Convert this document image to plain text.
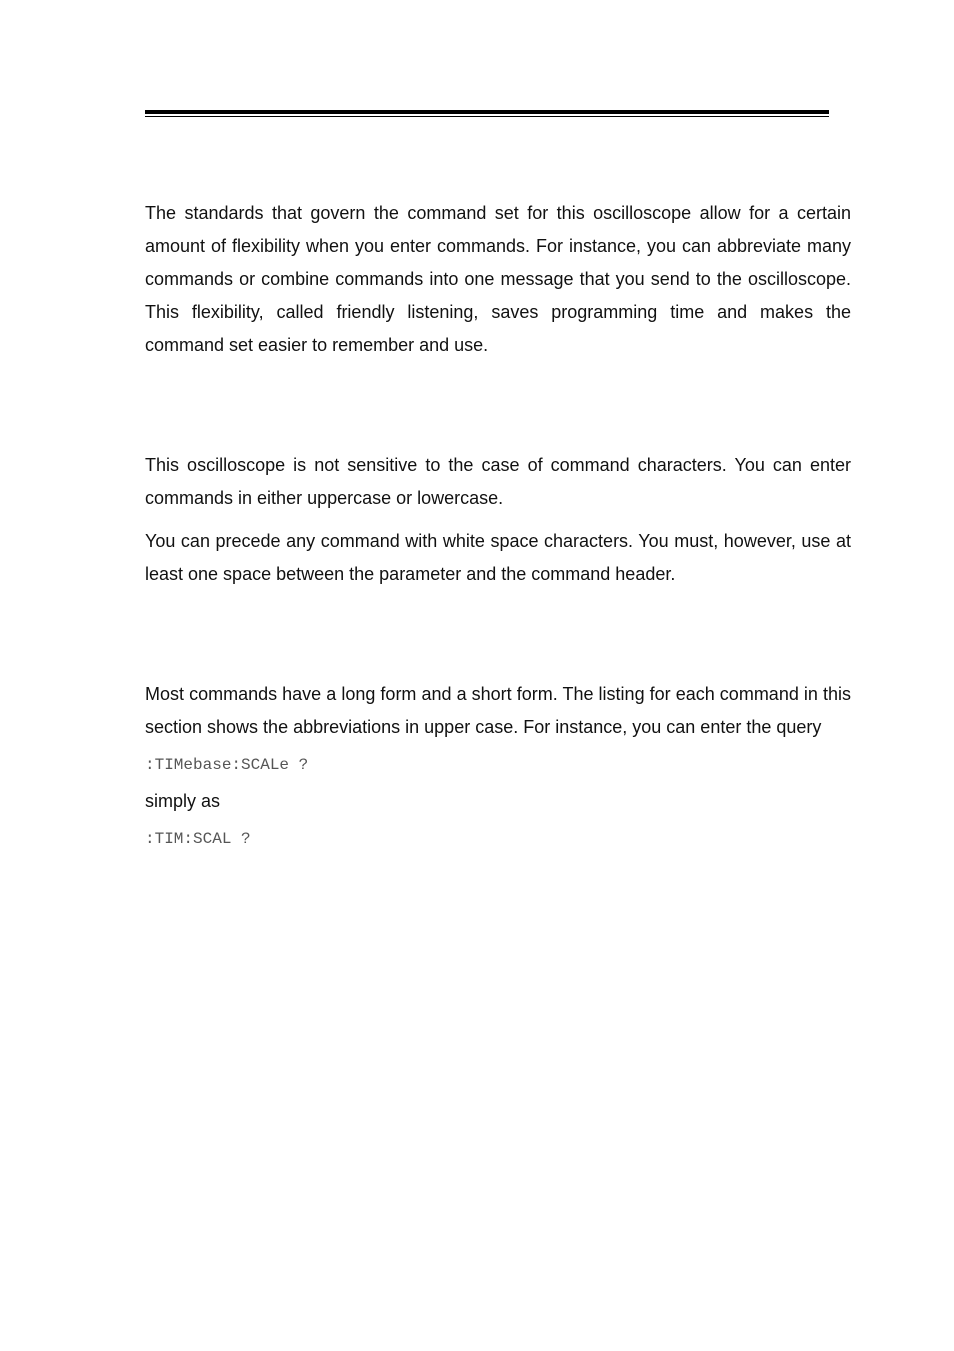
The standards that govern the command set for this oscilloscope allow for a certain amount of flexibility when you enter commands. For instance, you can abbreviate many commands or combine commands into one message that you send to the oscilloscope. This flexibility, called friendly listening, saves programming time and makes the command set easier to remember and use.

This oscilloscope is not sensitive to the case of command characters. You can enter commands in either uppercase or lowercase.

You can precede any command with white space characters. You must, however, use at least one space between the parameter and the command header.

Most commands have a long form and a short form. The listing for each command in this section shows the abbreviations in upper case. For instance, you can enter the query

:TIMebase:SCALe ?

simply as

:TIM:SCAL ?
